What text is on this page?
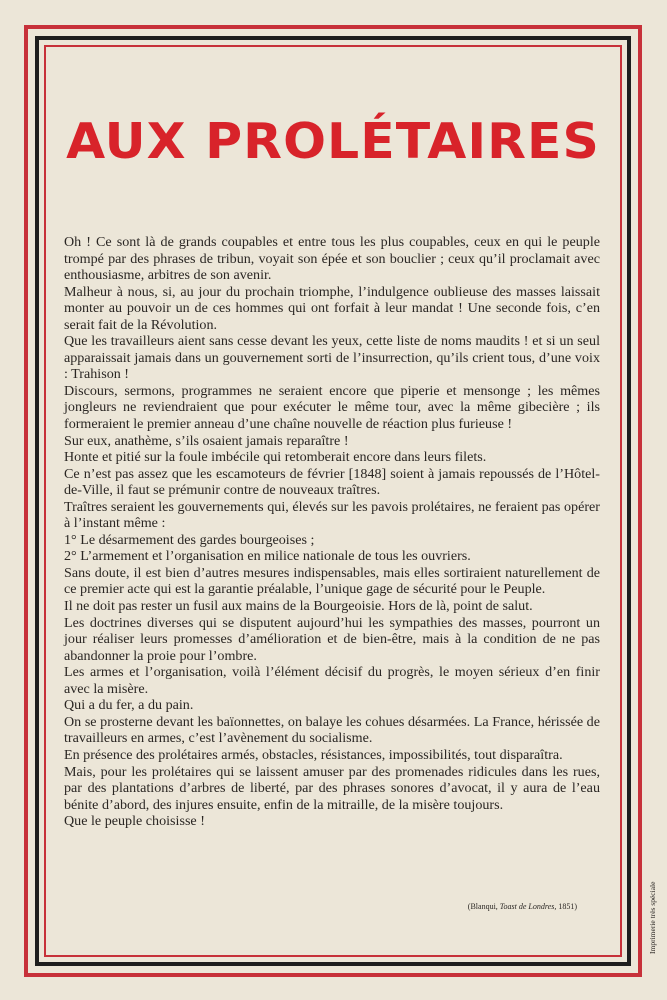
AUX PROLÉTAIRES

Oh ! Ce sont là de grands coupables et entre tous les plus coupables, ceux en qui le peuple trompé par des phrases de tribun, voyait son épée et son bouclier ; ceux qu’il proclamait avec enthousiasme, arbitres de son avenir.

Malheur à nous, si, au jour du prochain triomphe, l’indulgence oublieuse des masses laissait monter au pouvoir un de ces hommes qui ont forfait à leur mandat ! Une seconde fois, c’en serait fait de la Révolution.

Que les travailleurs aient sans cesse devant les yeux, cette liste de noms maudits ! et si un seul apparaissait jamais dans un gouvernement sorti de l’insurrection, qu’ils crient tous, d’une voix : Trahison !

Discours, sermons, programmes ne seraient encore que piperie et mensonge ; les mêmes jongleurs ne reviendraient que pour exécuter le même tour, avec la même gibecière ; ils formeraient le premier anneau d’une chaîne nouvelle de réaction plus furieuse !

Sur eux, anathème, s’ils osaient jamais reparaître !

Honte et pitié sur la foule imbécile qui retomberait encore dans leurs filets.

Ce n’est pas assez que les escamoteurs de février [1848] soient à jamais repoussés de l’Hôtel-de-Ville, il faut se prémunir contre de nouveaux traîtres.

Traîtres seraient les gouvernements qui, élevés sur les pavois prolétaires, ne feraient pas opérer à l’instant même :

1° Le désarmement des gardes bourgeoises ;

2° L’armement et l’organisation en milice nationale de tous les ouvriers.

Sans doute, il est bien d’autres mesures indispensables, mais elles sortiraient naturellement de ce premier acte qui est la garantie préalable, l’unique gage de sécurité pour le Peuple.

Il ne doit pas rester un fusil aux mains de la Bourgeoisie. Hors de là, point de salut.

Les doctrines diverses qui se disputent aujourd’hui les sympathies des masses, pourront un jour réaliser leurs promesses d’amélioration et de bien-être, mais à la condition de ne pas abandonner la proie pour l’ombre.

Les armes et l’organisation, voilà l’élément décisif du progrès, le moyen sérieux d’en finir avec la misère.

Qui a du fer, a du pain.

On se prosterne devant les baïonnettes, on balaye les cohues désarmées. La France, hérissée de travailleurs en armes, c’est l’avènement du socialisme.

En présence des prolétaires armés, obstacles, résistances, impossibilités, tout disparaîtra.

Mais, pour les prolétaires qui se laissent amuser par des promenades ridicules dans les rues, par des plantations d’arbres de liberté, par des phrases sonores d’avocat, il y aura de l’eau bénite d’abord, des injures ensuite, enfin de la mitraille, de la misère toujours.

Que le peuple choisisse !

(Blanqui, Toast de Londres, 1851)	Imprimerie très spéciale
